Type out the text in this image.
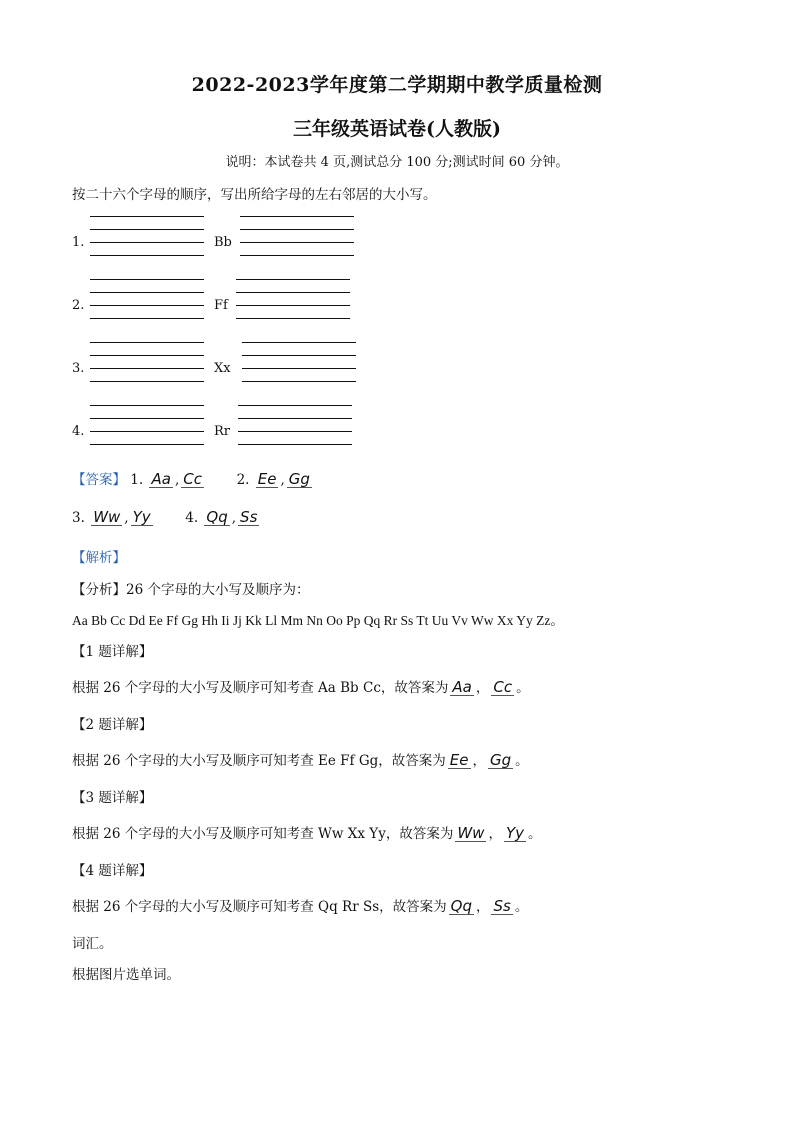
2022-2023学年度第二学期期中教学质量检测
三年级英语试卷(人教版)
说明：本试卷共 4 页,测试总分 100 分;测试时间 60 分钟。
按二十六个字母的顺序，写出所给字母的左右邻居的大小写。
1.	Bb
2.	Ff
3.	Xx
4.	Rr
【答案】 1. Aa , Cc	2. Ee , Gg
3. Ww , Yy	4. Qq , Ss
【解析】
【分析】26 个字母的大小写及顺序为：
Aa Bb Cc Dd Ee Ff Gg Hh Ii Jj Kk Ll Mm Nn Oo Pp Qq Rr Ss Tt Uu Vv Ww Xx Yy Zz。
【1 题详解】
根据 26 个字母的大小写及顺序可知考查 Aa Bb Cc，故答案为 Aa ， Cc 。
【2 题详解】
根据 26 个字母的大小写及顺序可知考查 Ee Ff Gg，故答案为 Ee ， Gg 。
【3 题详解】
根据 26 个字母的大小写及顺序可知考查 Ww Xx Yy，故答案为 Ww ， Yy 。
【4 题详解】
根据 26 个字母的大小写及顺序可知考查 Qq Rr Ss，故答案为 Qq ， Ss 。
词汇。
根据图片选单词。
